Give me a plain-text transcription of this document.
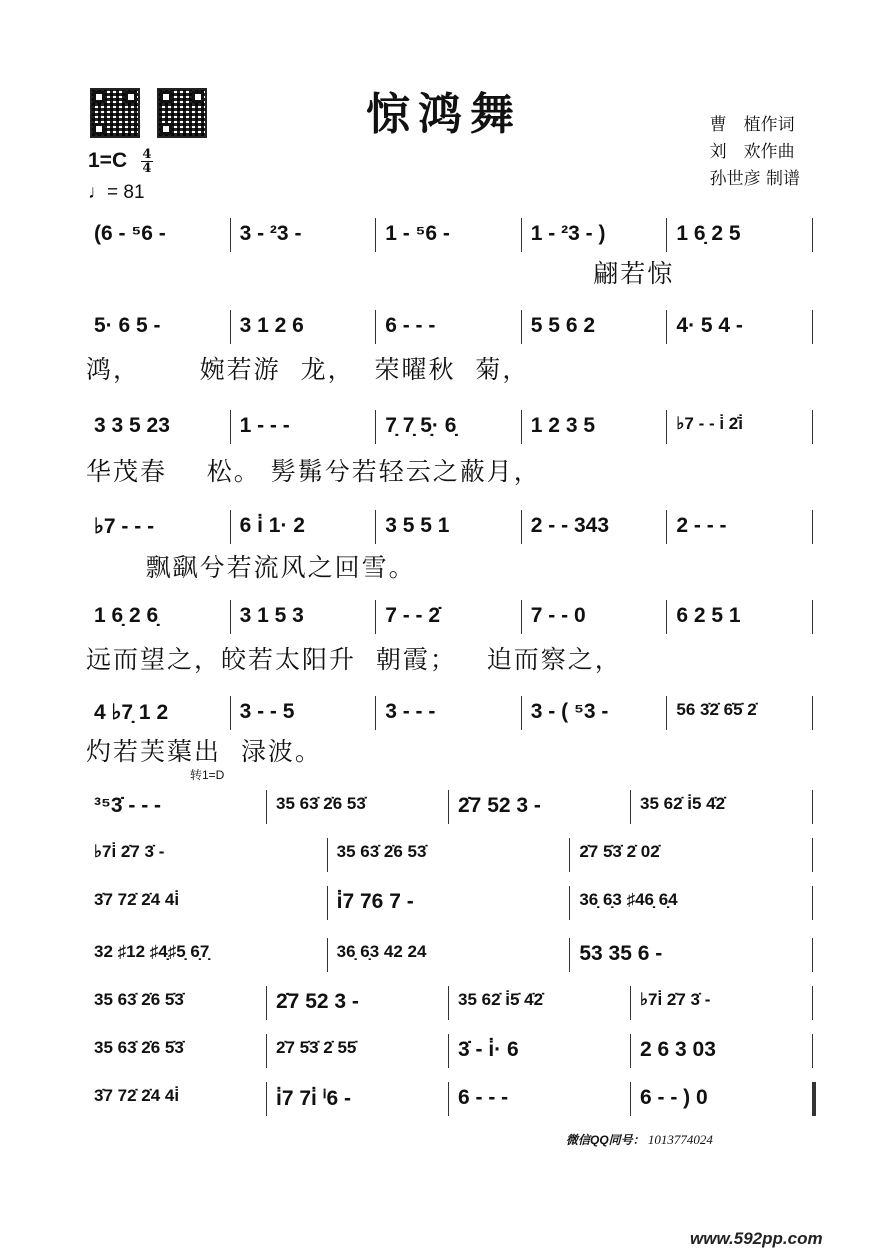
惊鸿舞	曹　植作词
刘　欢作曲
孙世彦 制谱
$1=C \frac{4}{4}$
♩= 81
(6 - ⁵6 -	3 - ²3 -	1 - ⁵6 -	1 - ²3 - )	1 6̣ 2 5
翩若惊
5· 6 5 -	3 1 2 6	6 - - -	5 5 6 2	4· 5 4 -
鸿，      婉若游  龙，  荣曜秋  菊，
3 3 5 23	1 - - -	7̣ 7̣ 5̣· 6̣	1 2 3 5	♭7 - - i̇ 2̇i̇
华茂春    松。 髣髴兮若轻云之蔽月，
♭7 - - -	6 i̇ 1· 2	3 5 5 1	2 - - 343	2 - - -
飘飖兮若流风之回雪。
1 6̣ 2 6̣	3 1 5 3	7 - - 2̇	7 - - 0	6 2 5 1
远而望之，皎若太阳升  朝霞；   迫而察之，
4 ♭7̣ 1 2	3 - - 5	3 - - -	3 - ( ⁵3 -	56 3̇2̇ 6̇5̇ 2̇
灼若芙蕖出  渌波。
转1=D
³⁵3̇ - - -	35 63̇ 2̇6 53̇	2̇7 52 3 -	35 62̇ i̇5 4̇2̇
♭7i̇ 2̇7 3̇ -	35 63̇ 2̇6 53̇	2̇7 5̇3̇ 2̇ 02̇
3̇7 72̇ 2̇4 4i̇	i̇7 76 7 -	36̣ 6̣3 ♯46̣ 6̣4
32 ♯12 ♯4̣♯5̣ 6̣7̣	36̣ 6̣3 42 24	53 35 6 -
35 63̇ 2̇6 5̇3̇	2̇7 52 3 -	35 62̇ i̇5̇ 4̇2̇	♭7i̇ 2̇7 3̇ -
35 63̇ 2̇6 5̇3̇	2̇7 5̇3̇ 2̇ 55̇	3̇ - i̇· 6	2 6 3 03
3̇7 72̇ 2̇4 4i̇	i̇7 7i̇ ⁱ6 -	6 - - -	6 - - ) 0
微信QQ同号： 1013774024
www.592pp.com
